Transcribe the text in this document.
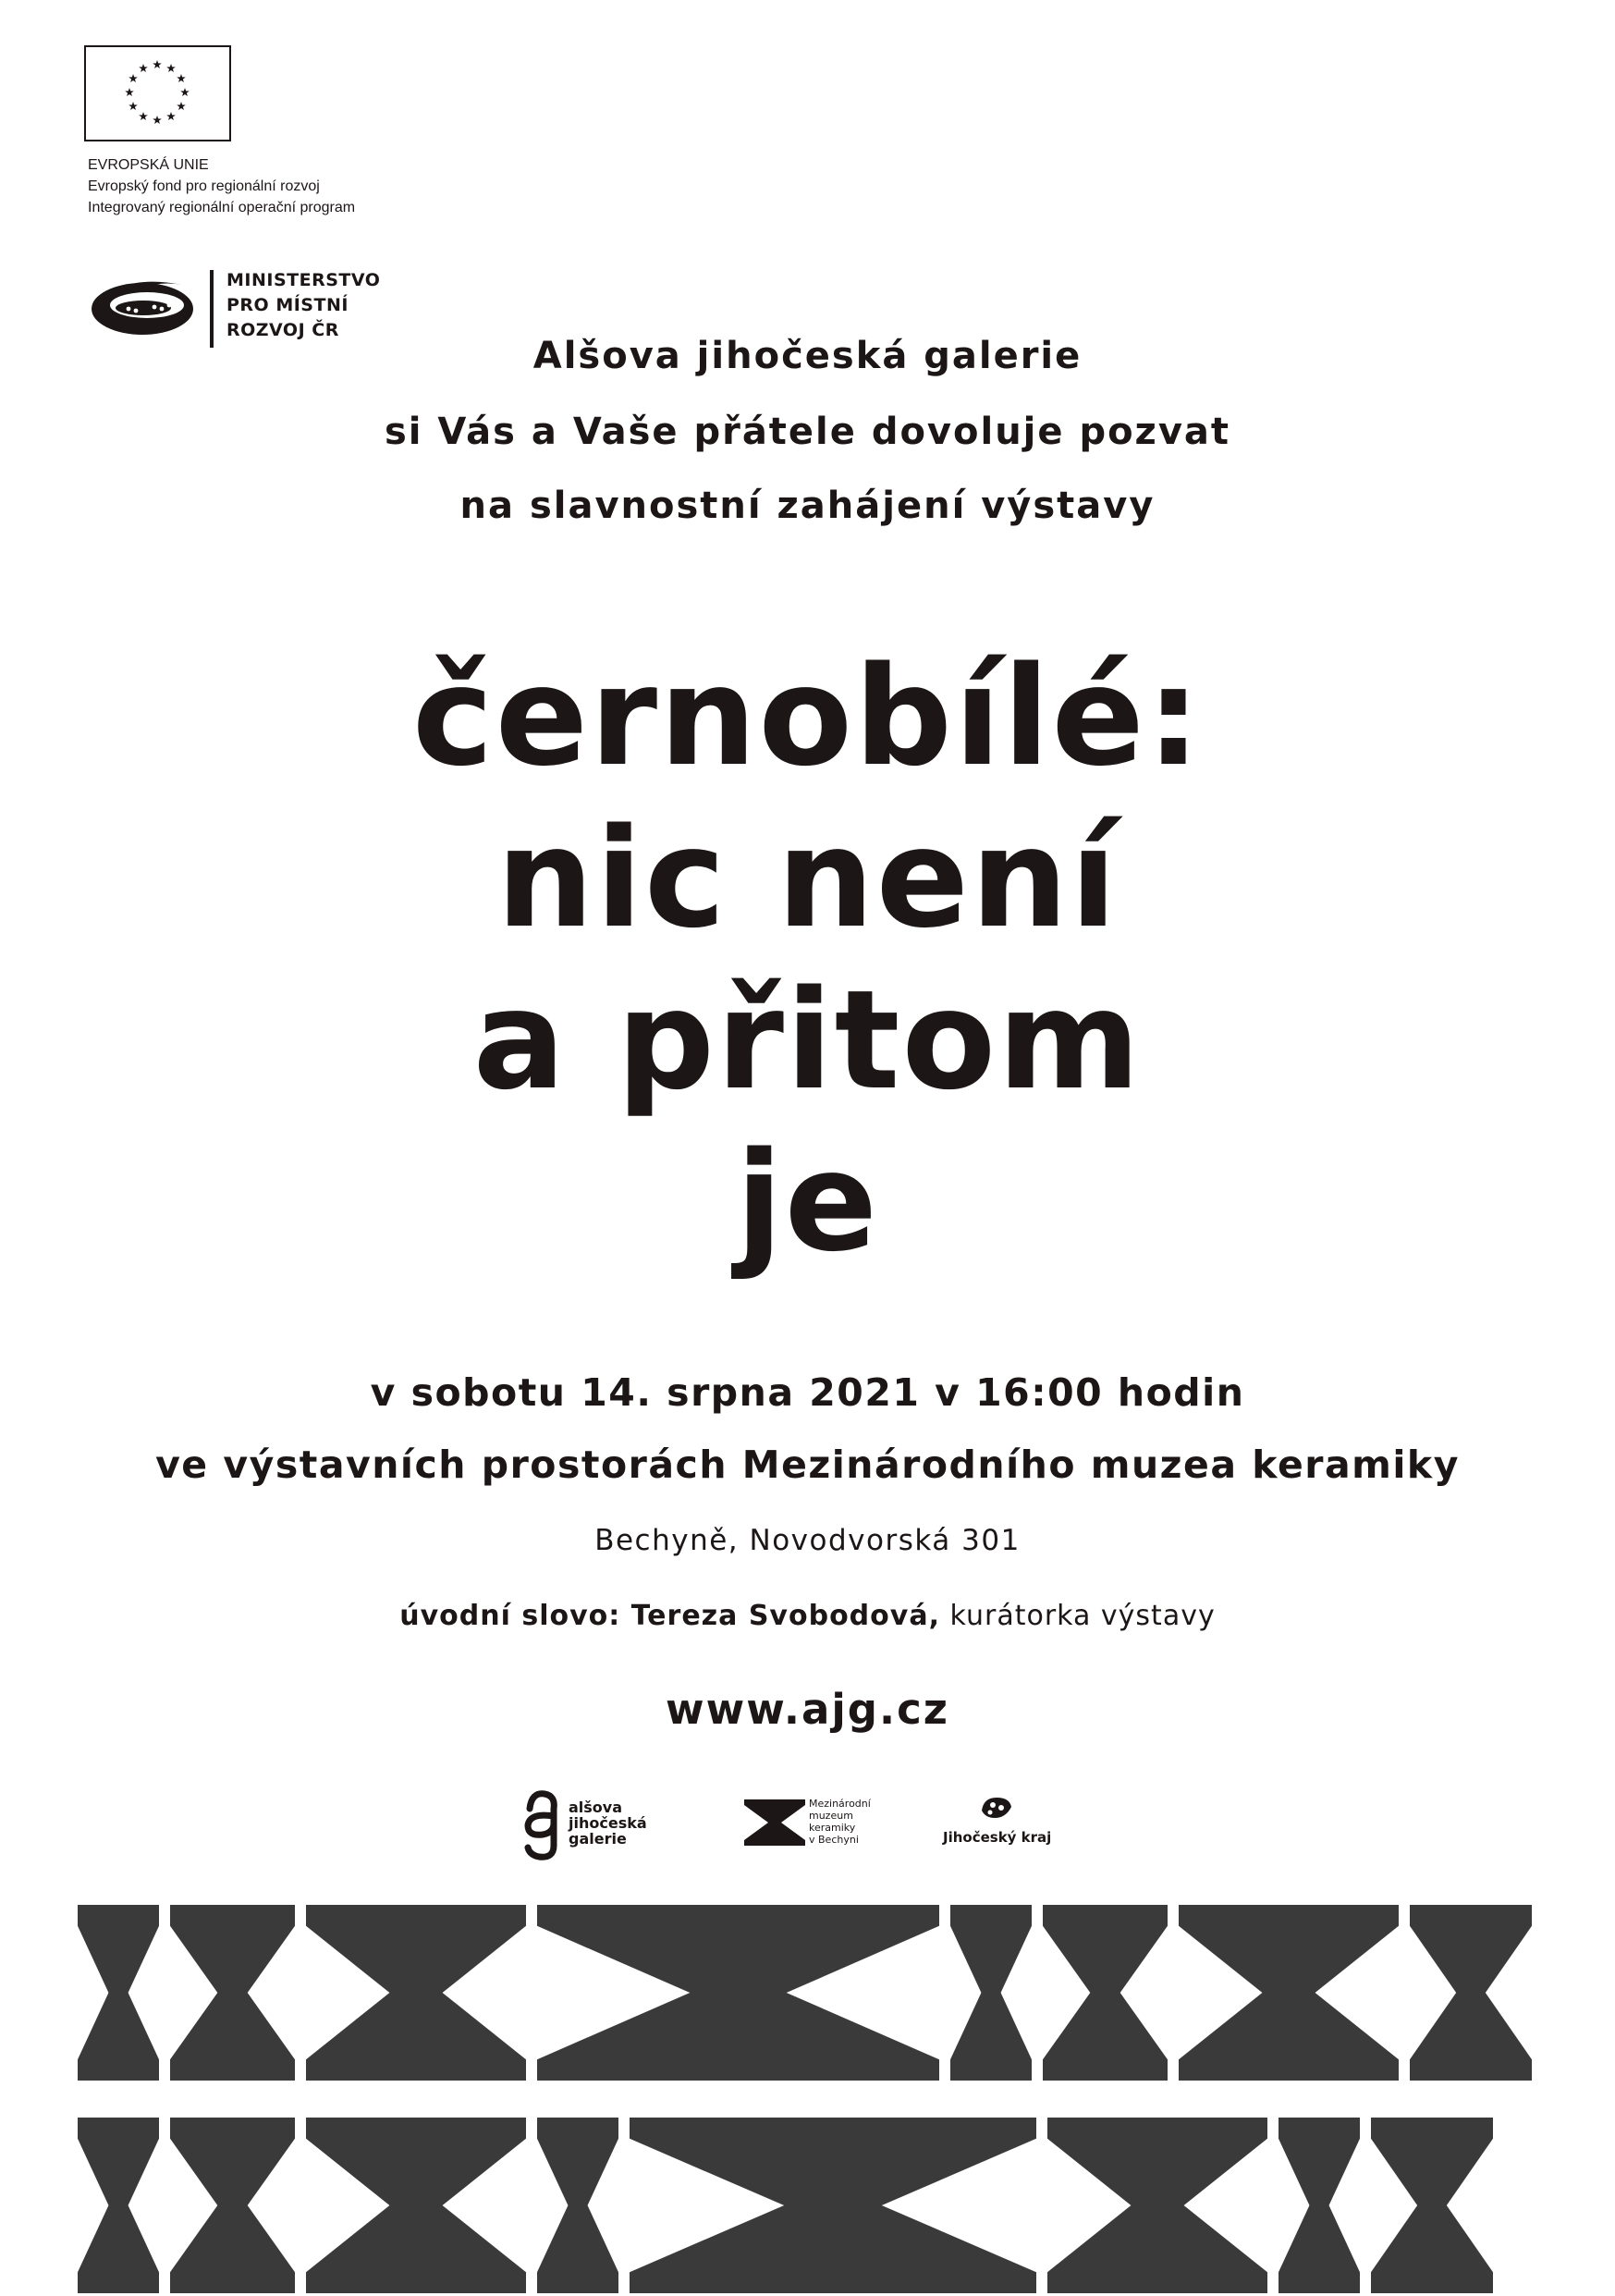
EVROPSKÁ UNIE
Evropský fond pro regionální rozvoj
Integrovaný regionální operační program
MINISTERSTVO
PRO MÍSTNÍ
ROZVOJ ČR
Alšova jihočeská galerie
si Vás a Vaše přátele dovoluje pozvat
na slavnostní zahájení výstavy
černobílé:
nic není
a přitom
je
v sobotu 14. srpna 2021 v 16:00 hodin
ve výstavních prostorách Mezinárodního muzea keramiky
Bechyně, Novodvorská 301
úvodní slovo: Tereza Svobodová, kurátorka výstavy
www.ajg.cz
alšova
jihočeská
galerie
Mezinárodní
muzeum
keramiky
v Bechyni	Jihočeský kraj
